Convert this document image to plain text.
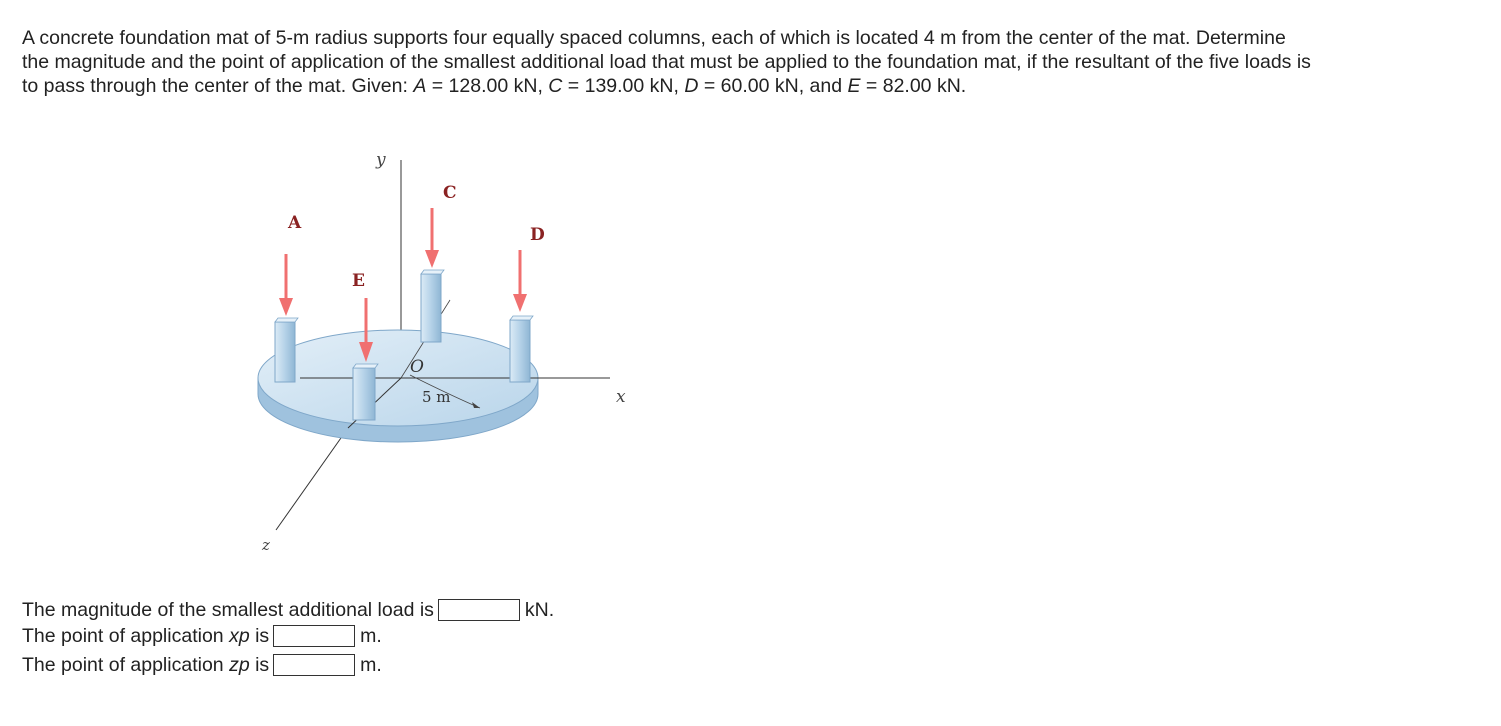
A concrete foundation mat of 5-m radius supports four equally spaced columns, each of which is located 4 m from the center of the mat. Determine the magnitude and the point of application of the smallest additional load that must be applied to the foundation mat, if the resultant of the five loads is to pass through the center of the mat. Given: A = 128.00 kN, C = 139.00 kN, D = 60.00 kN, and E = 82.00 kN.

y
z
x
O
5 m
A
E
C
D
The magnitude of the smallest additional load is	kN.
The point of application xp is	m.
The point of application zp is	m.
